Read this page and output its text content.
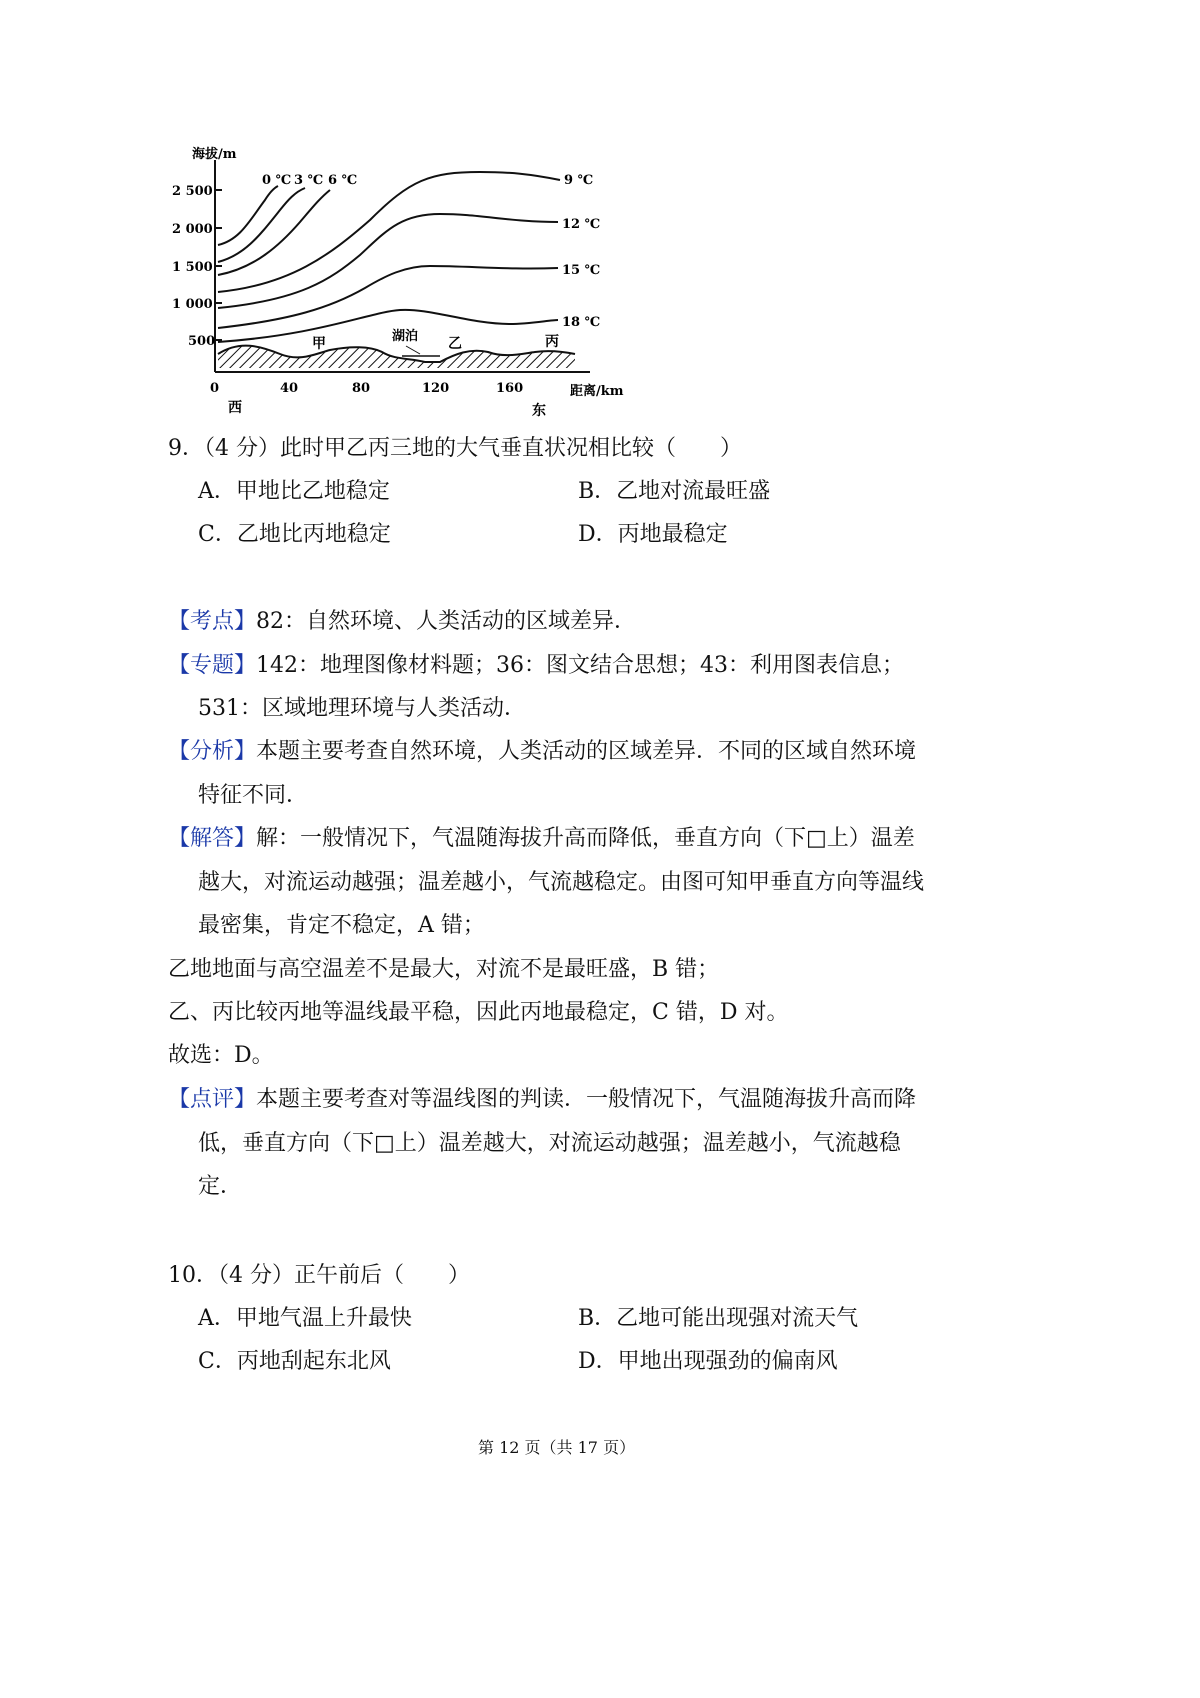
海拔/m
2 500
2 000
1 500
1 000
500
0	40	80	120	160	距离/km
西	东
甲	湖泊 乙	丙
0 ℃ 3 ℃ 6 ℃	9 ℃
12 ℃
15 ℃
18 ℃
9．（4 分）此时甲乙丙三地的大气垂直状况相比较（　　）
A．甲地比乙地稳定	B．乙地对流最旺盛
C．乙地比丙地稳定	D．丙地最稳定
【考点】82：自然环境、人类活动的区域差异．
【专题】142：地理图像材料题；36：图文结合思想；43：利用图表信息；
531：区域地理环境与人类活动．
【分析】本题主要考查自然环境，人类活动的区域差异．不同的区域自然环境
特征不同．
【解答】解：一般情况下，气温随海拔升高而降低，垂直方向（下□上）温差
越大，对流运动越强；温差越小，气流越稳定。由图可知甲垂直方向等温线
最密集，肯定不稳定，A 错；
乙地地面与高空温差不是最大，对流不是最旺盛，B 错；
乙、丙比较丙地等温线最平稳，因此丙地最稳定，C 错，D 对。
故选：D。
【点评】本题主要考查对等温线图的判读．一般情况下，气温随海拔升高而降
低，垂直方向（下□上）温差越大，对流运动越强；温差越小，气流越稳
定．
10．（4 分）正午前后（　　）
A．甲地气温上升最快	B．乙地可能出现强对流天气
C．丙地刮起东北风	D．甲地出现强劲的偏南风
第 12 页（共 17 页）
